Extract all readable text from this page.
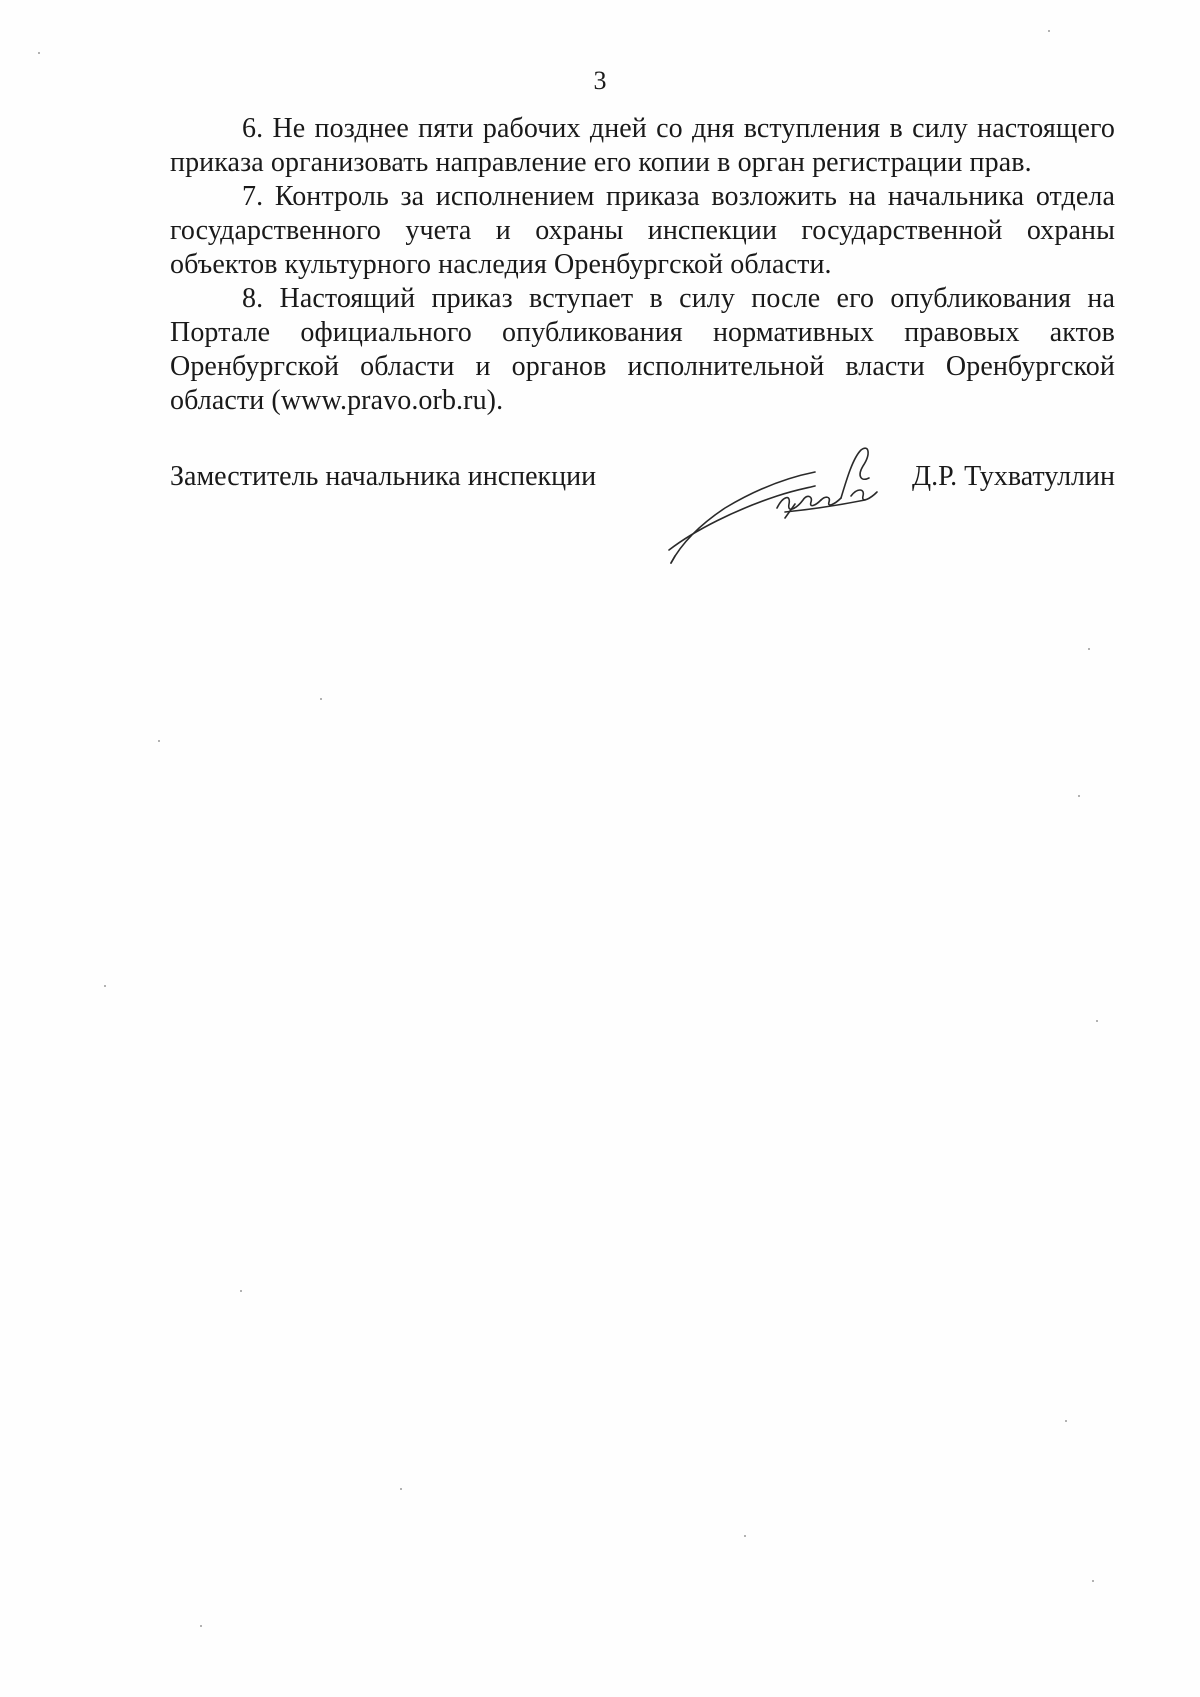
3

6. Не позднее пяти рабочих дней со дня вступления в силу настоящего приказа организовать направление его копии в орган регистрации прав.

7. Контроль за исполнением приказа возложить на начальника отдела государственного учета и охраны инспекции государственной охраны объектов культурного наследия Оренбургской области.

8. Настоящий приказ вступает в силу после его опубликования на Портале официального опубликования нормативных правовых актов Оренбургской области и органов исполнительной власти Оренбургской области (www.pravo.orb.ru).

Заместитель начальника инспекции	Д.Р. Тухватуллин
